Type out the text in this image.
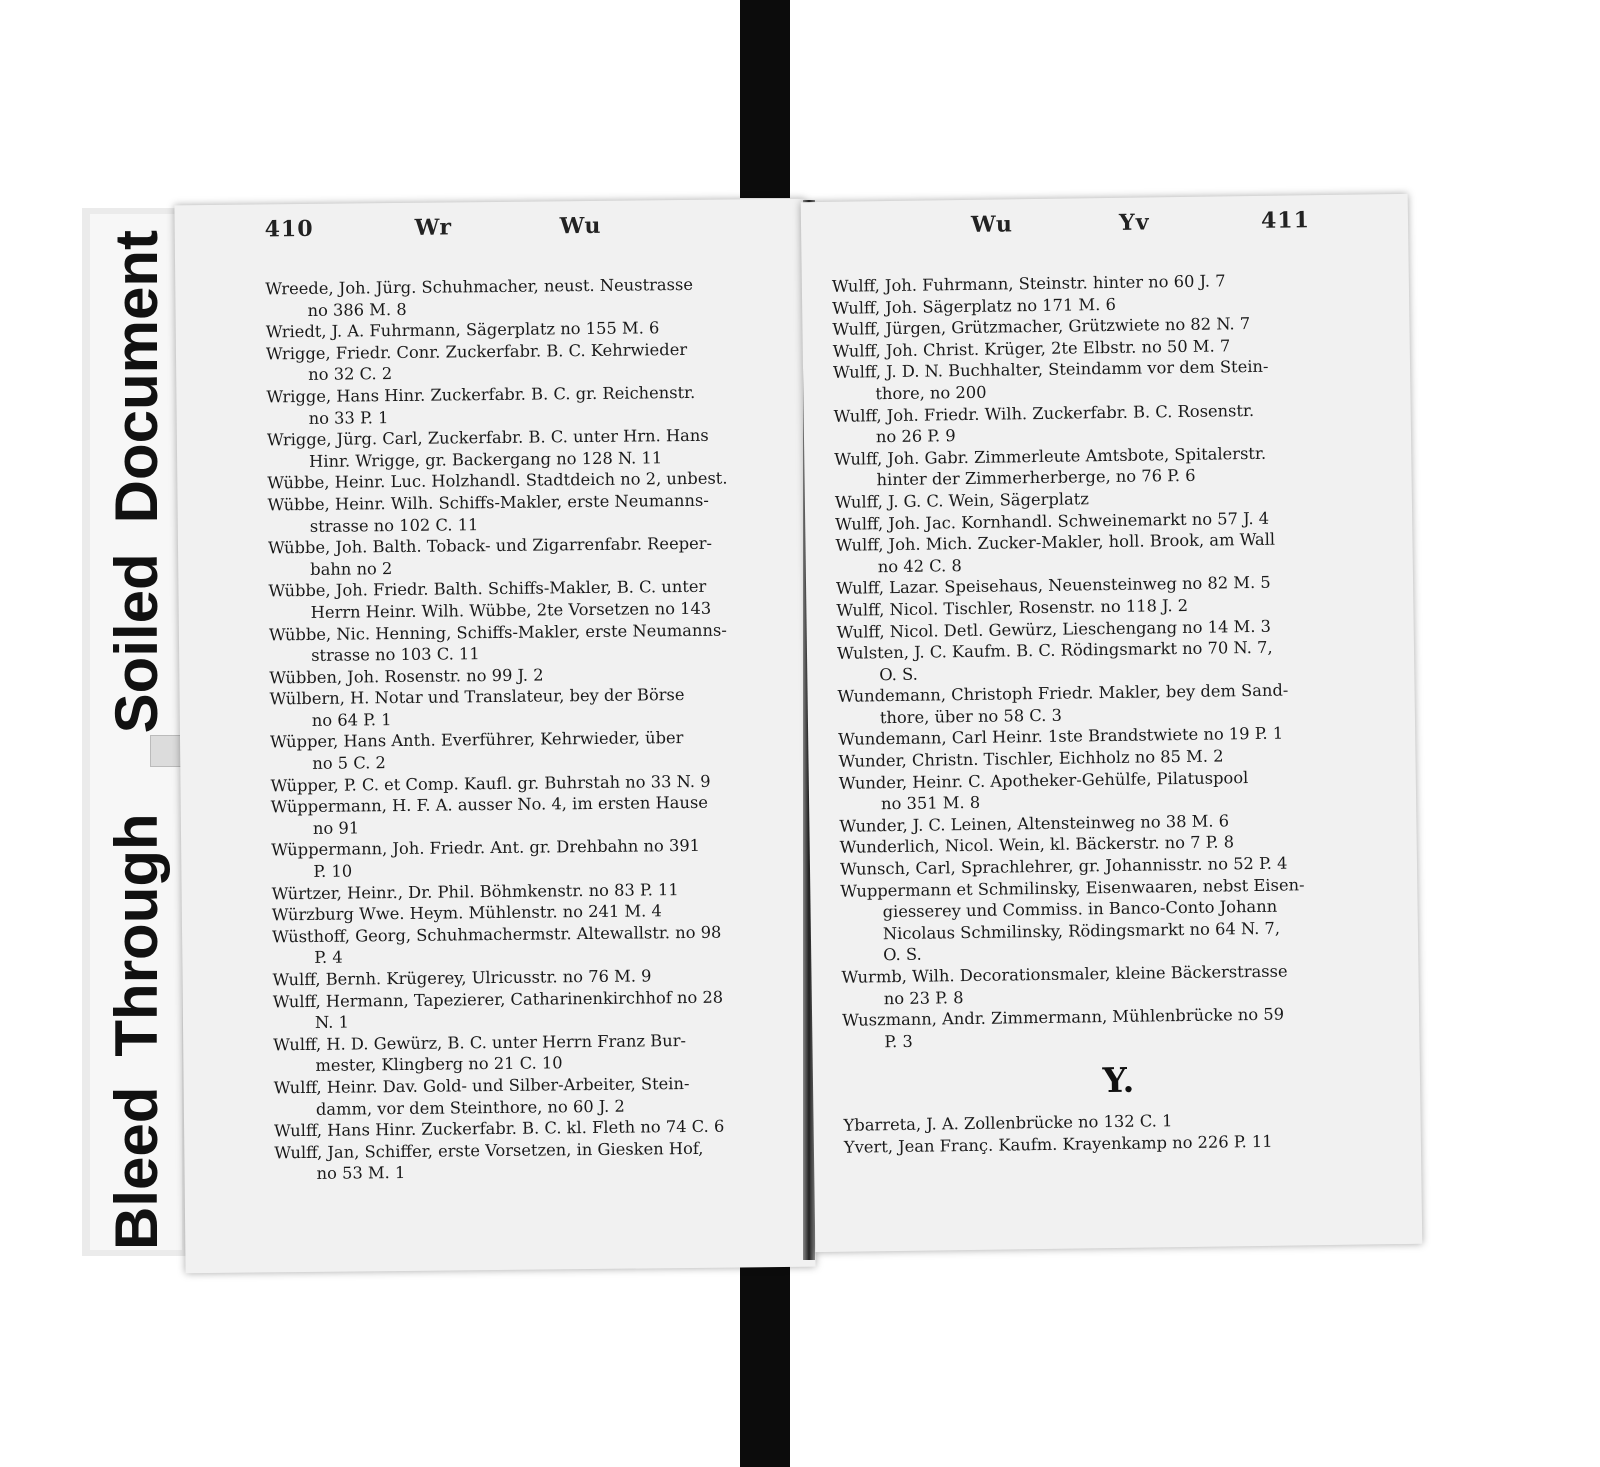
Bleed
Through
Soiled
Document
410	Wr	Wu
Wreede, Joh. Jürg. Schuhmacher, neust. Neustrasse
no 386 M. 8
Wriedt, J. A. Fuhrmann, Sägerplatz no 155 M. 6
Wrigge, Friedr. Conr. Zuckerfabr. B. C. Kehrwieder
no 32 C. 2
Wrigge, Hans Hinr. Zuckerfabr. B. C. gr. Reichenstr.
no 33 P. 1
Wrigge, Jürg. Carl, Zuckerfabr. B. C. unter Hrn. Hans
Hinr. Wrigge, gr. Backergang no 128 N. 11
Wübbe, Heinr. Luc. Holzhandl. Stadtdeich no 2, unbest.
Wübbe, Heinr. Wilh. Schiffs-Makler, erste Neumanns-
strasse no 102 C. 11
Wübbe, Joh. Balth. Toback- und Zigarrenfabr. Reeper-
bahn no 2
Wübbe, Joh. Friedr. Balth. Schiffs-Makler, B. C. unter
Herrn Heinr. Wilh. Wübbe, 2te Vorsetzen no 143
Wübbe, Nic. Henning, Schiffs-Makler, erste Neumanns-
strasse no 103 C. 11
Wübben, Joh. Rosenstr. no 99 J. 2
Wülbern, H. Notar und Translateur, bey der Börse
no 64 P. 1
Wüpper, Hans Anth. Everführer, Kehrwieder, über
no 5 C. 2
Wüpper, P. C. et Comp. Kaufl. gr. Buhrstah no 33 N. 9
Wüppermann, H. F. A. ausser No. 4, im ersten Hause
no 91
Wüppermann, Joh. Friedr. Ant. gr. Drehbahn no 391
P. 10
Würtzer, Heinr., Dr. Phil. Böhmkenstr. no 83 P. 11
Würzburg Wwe. Heym. Mühlenstr. no 241 M. 4
Wüsthoff, Georg, Schuhmachermstr. Altewallstr. no 98
P. 4
Wulff, Bernh. Krügerey, Ulricusstr. no 76 M. 9
Wulff, Hermann, Tapezierer, Catharinenkirchhof no 28
N. 1
Wulff, H. D. Gewürz, B. C. unter Herrn Franz Bur-
mester, Klingberg no 21 C. 10
Wulff, Heinr. Dav. Gold- und Silber-Arbeiter, Stein-
damm, vor dem Steinthore, no 60 J. 2
Wulff, Hans Hinr. Zuckerfabr. B. C. kl. Fleth no 74 C. 6
Wulff, Jan, Schiffer, erste Vorsetzen, in Giesken Hof,
no 53 M. 1
Wu	Yv	411
Wulff, Joh. Fuhrmann, Steinstr. hinter no 60 J. 7
Wulff, Joh. Sägerplatz no 171 M. 6
Wulff, Jürgen, Grützmacher, Grützwiete no 82 N. 7
Wulff, Joh. Christ. Krüger, 2te Elbstr. no 50 M. 7
Wulff, J. D. N. Buchhalter, Steindamm vor dem Stein-
thore, no 200
Wulff, Joh. Friedr. Wilh. Zuckerfabr. B. C. Rosenstr.
no 26 P. 9
Wulff, Joh. Gabr. Zimmerleute Amtsbote, Spitalerstr.
hinter der Zimmerherberge, no 76 P. 6
Wulff, J. G. C. Wein, Sägerplatz
Wulff, Joh. Jac. Kornhandl. Schweinemarkt no 57 J. 4
Wulff, Joh. Mich. Zucker-Makler, holl. Brook, am Wall
no 42 C. 8
Wulff, Lazar. Speisehaus, Neuensteinweg no 82 M. 5
Wulff, Nicol. Tischler, Rosenstr. no 118 J. 2
Wulff, Nicol. Detl. Gewürz, Lieschengang no 14 M. 3
Wulsten, J. C. Kaufm. B. C. Rödingsmarkt no 70 N. 7,
O. S.
Wundemann, Christoph Friedr. Makler, bey dem Sand-
thore, über no 58 C. 3
Wundemann, Carl Heinr. 1ste Brandstwiete no 19 P. 1
Wunder, Christn. Tischler, Eichholz no 85 M. 2
Wunder, Heinr. C. Apotheker-Gehülfe, Pilatuspool
no 351 M. 8
Wunder, J. C. Leinen, Altensteinweg no 38 M. 6
Wunderlich, Nicol. Wein, kl. Bäckerstr. no 7 P. 8
Wunsch, Carl, Sprachlehrer, gr. Johannisstr. no 52 P. 4
Wuppermann et Schmilinsky, Eisenwaaren, nebst Eisen-
giesserey und Commiss. in Banco-Conto Johann
Nicolaus Schmilinsky, Rödingsmarkt no 64 N. 7,
O. S.
Wurmb, Wilh. Decorationsmaler, kleine Bäckerstrasse
no 23 P. 8
Wuszmann, Andr. Zimmermann, Mühlenbrücke no 59
P. 3
Y.
Ybarreta, J. A. Zollenbrücke no 132 C. 1
Yvert, Jean Franç. Kaufm. Krayenkamp no 226 P. 11
